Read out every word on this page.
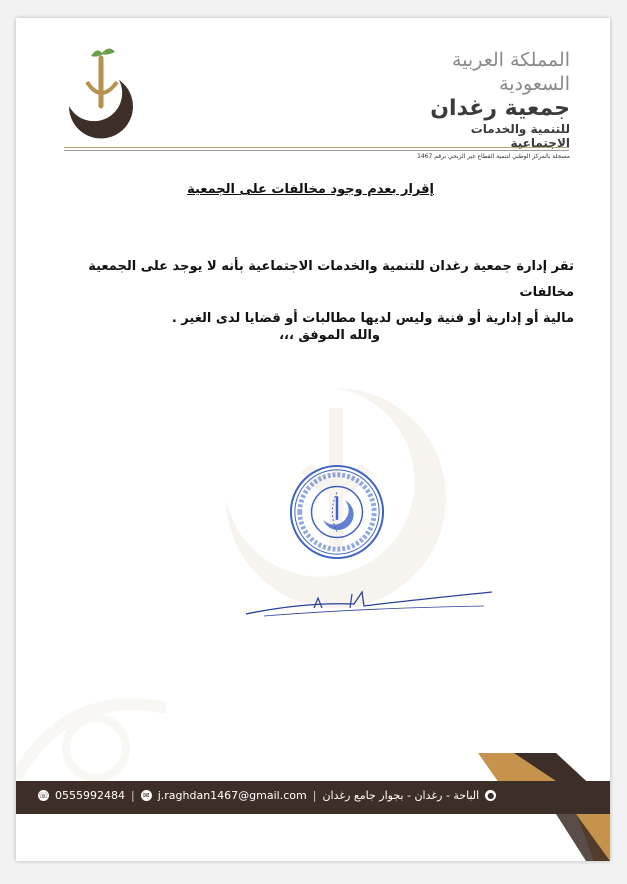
المملكة العربية السعودية
جمعية رغدان
للتنمية والخدمات الاجتماعية
مسجلة بالمركز الوطني لتنمية القطاع غير الربحي برقم 1467
إقرار بعدم وجود مخالفات على الجمعية
تقر إدارة جمعية رغدان للتنمية والخدمات الاجتماعية بأنه لا يوجد على الجمعية مخالفات
مالية أو إدارية أو فنية وليس لديها مطالبات أو قضايا لدى الغير .
والله الموفق ،،،
☏ 0555992484 | ✉ j.raghdan1467@gmail.com | الباحة - رغدان - بجوار جامع رغدان ●
